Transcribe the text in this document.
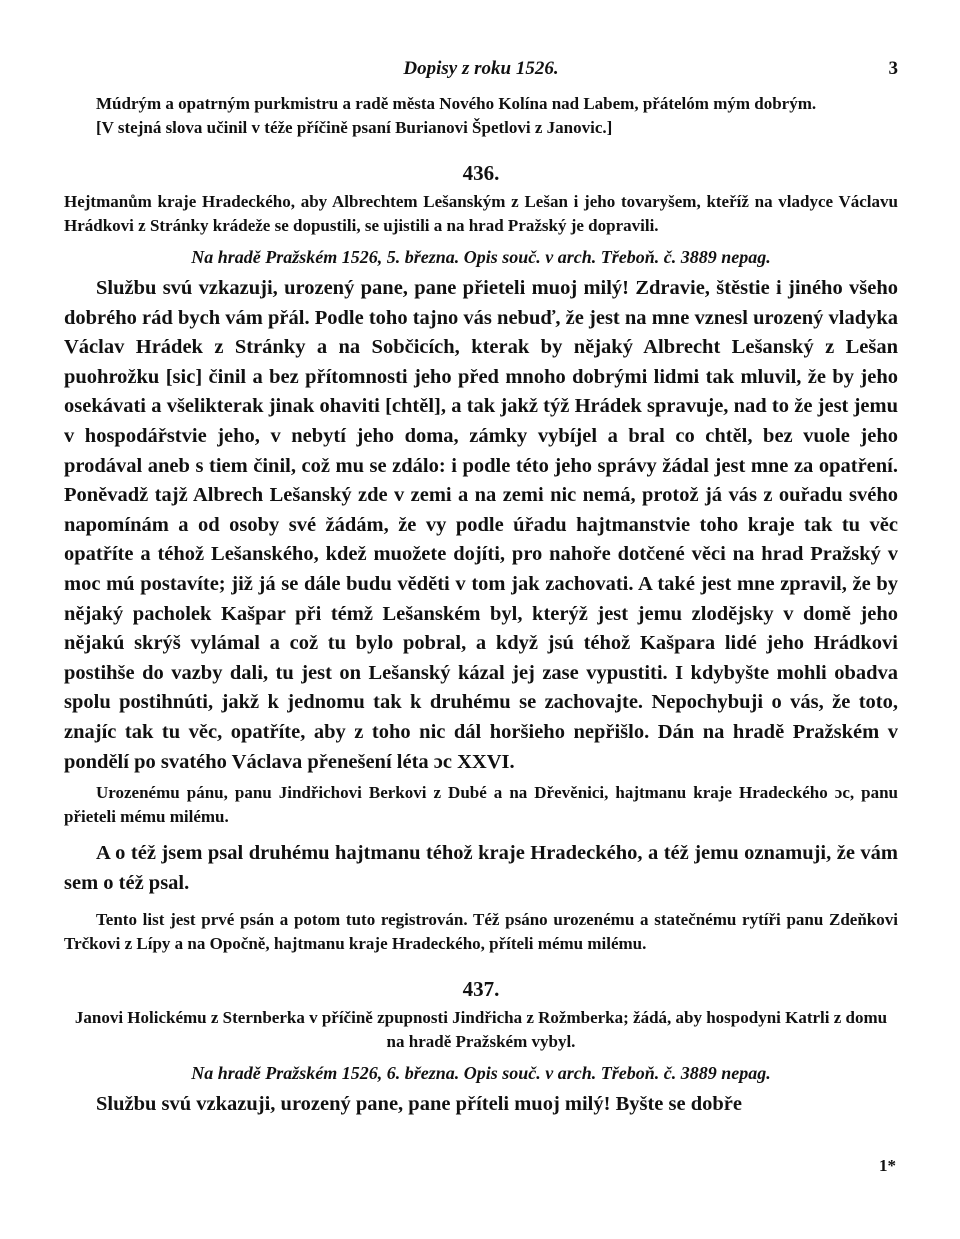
Dopisy z roku 1526.	3

Múdrým a opatrným purkmistru a radě města Nového Kolína nad Labem, přátelóm mým dobrým.

[V stejná slova učinil v téže příčině psaní Burianovi Špetlovi z Janovic.]

436.

Hejtmanům kraje Hradeckého, aby Albrechtem Lešanským z Lešan i jeho tovaryšem, kteříž na vladyce Václavu Hrádkovi z Stránky krádeže se dopustili, se ujistili a na hrad Pražský je dopravili.

Na hradě Pražském 1526, 5. března. Opis souč. v arch. Třeboň. č. 3889 nepag.

Službu svú vzkazuji, urozený pane, pane přieteli muoj milý! Zdravie, štěstie i jiného všeho dobrého rád bych vám přál. Podle toho tajno vás nebuď, že jest na mne vznesl urozený vladyka Václav Hrádek z Stránky a na Sobčicích, kterak by nějaký Albrecht Lešanský z Lešan puohrožku [sic] činil a bez přítomnosti jeho před mnoho dobrými lidmi tak mluvil, že by jeho osekávati a všelikterak jinak ohaviti [chtěl], a tak jakž týž Hrádek spravuje, nad to že jest jemu v hospodářstvie jeho, v nebytí jeho doma, zámky vybíjel a bral co chtěl, bez vuole jeho prodával aneb s tiem činil, což mu se zdálo: i podle této jeho správy žádal jest mne za opatření. Poněvadž tajž Albrech Lešanský zde v zemi a na zemi nic nemá, protož já vás z ouřadu svého napomínám a od osoby své žádám, že vy podle úřadu hajtmanstvie toho kraje tak tu věc opatříte a téhož Lešanského, kdež muožete dojíti, pro nahoře dotčené věci na hrad Pražský v moc mú postavíte; již já se dále budu věděti v tom jak zachovati. A také jest mne zpravil, že by nějaký pacholek Kašpar při témž Lešanském byl, kterýž jest jemu zlodějsky v domě jeho nějakú skrýš vylámal a což tu bylo pobral, a když jsú téhož Kašpara lidé jeho Hrádkovi postihše do vazby dali, tu jest on Lešanský kázal jej zase vypustiti. I kdybyšte mohli obadva spolu postihnúti, jakž k jednomu tak k druhému se zachovajte. Nepochybuji o vás, že toto, znajíc tak tu věc, opatříte, aby z toho nic dál horšieho nepřišlo. Dán na hradě Pražském v pondělí po svatého Václava přenešení léta ɔc XXVI.

Urozenému pánu, panu Jindřichovi Berkovi z Dubé a na Dřevěnici, hajtmanu kraje Hradeckého ɔc, panu přieteli mému milému.

A o též jsem psal druhému hajtmanu téhož kraje Hradeckého, a též jemu oznamuji, že vám sem o též psal.

Tento list jest prvé psán a potom tuto registrován. Též psáno urozenému a statečnému rytíři panu Zdeňkovi Trčkovi z Lípy a na Opočně, hajtmanu kraje Hradeckého, příteli mému milému.

437.

Janovi Holickému z Sternberka v příčině zpupnosti Jindřicha z Rožmberka; žádá, aby hospodyni Katrli z domu na hradě Pražském vybyl.

Na hradě Pražském 1526, 6. března. Opis souč. v arch. Třeboň. č. 3889 nepag.

Službu svú vzkazuji, urozený pane, pane příteli muoj milý! Byšte se dobře

1*
